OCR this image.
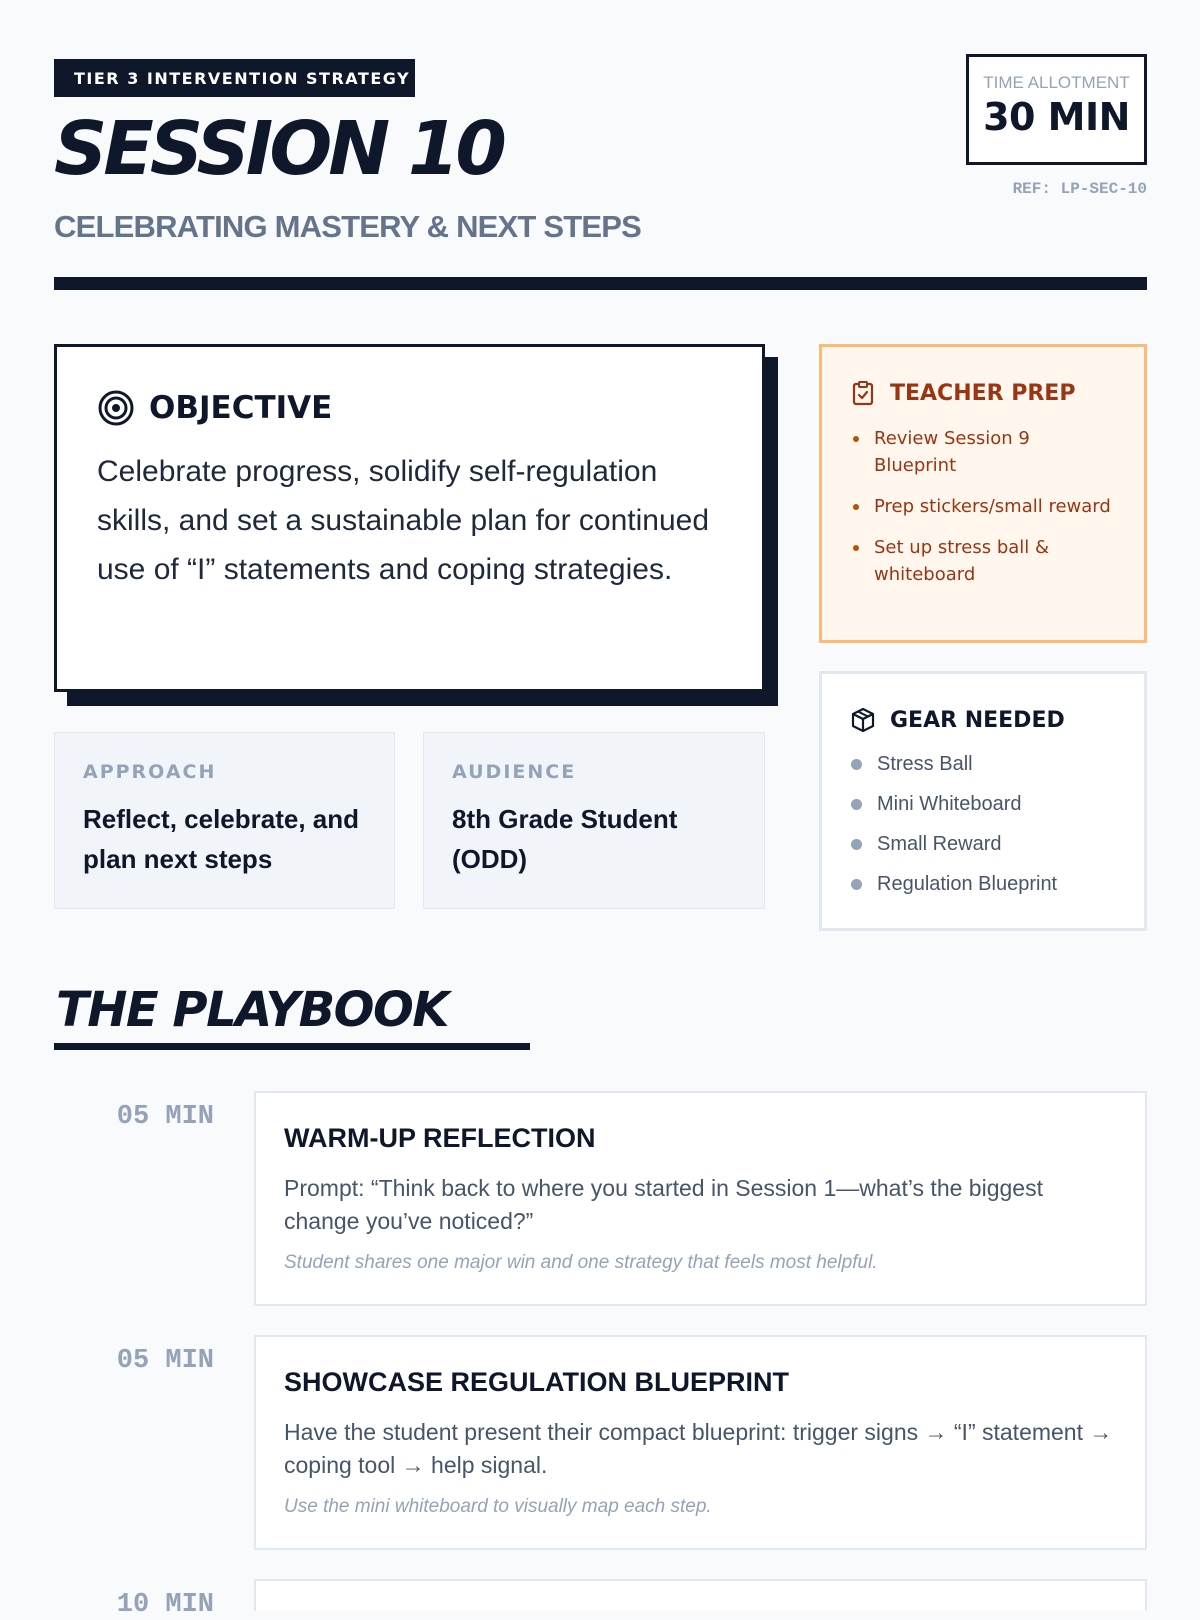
TIER 3 INTERVENTION STRATEGY
SESSION 10
CELEBRATING MASTERY & NEXT STEPS
TIME ALLOTMENT
30 MIN
REF: LP-SEC-10
OBJECTIVE
Celebrate progress, solidify self-regulation skills, and set a sustainable plan for continued use of “I” statements and coping strategies.
APPROACH
Reflect, celebrate, and plan next steps
AUDIENCE
8th Grade Student (ODD)
TEACHER PREP
Review Session 9 Blueprint
Prep stickers/small reward
Set up stress ball & whiteboard
GEAR NEEDED
Stress Ball
Mini Whiteboard
Small Reward
Regulation Blueprint
THE PLAYBOOK
05 MIN
WARM-UP REFLECTION
Prompt: “Think back to where you started in Session 1—what’s the biggest change you’ve noticed?”
Student shares one major win and one strategy that feels most helpful.
05 MIN
SHOWCASE REGULATION BLUEPRINT
Have the student present their compact blueprint: trigger signs → “I” statement → coping tool → help signal.
Use the mini whiteboard to visually map each step.
10 MIN
